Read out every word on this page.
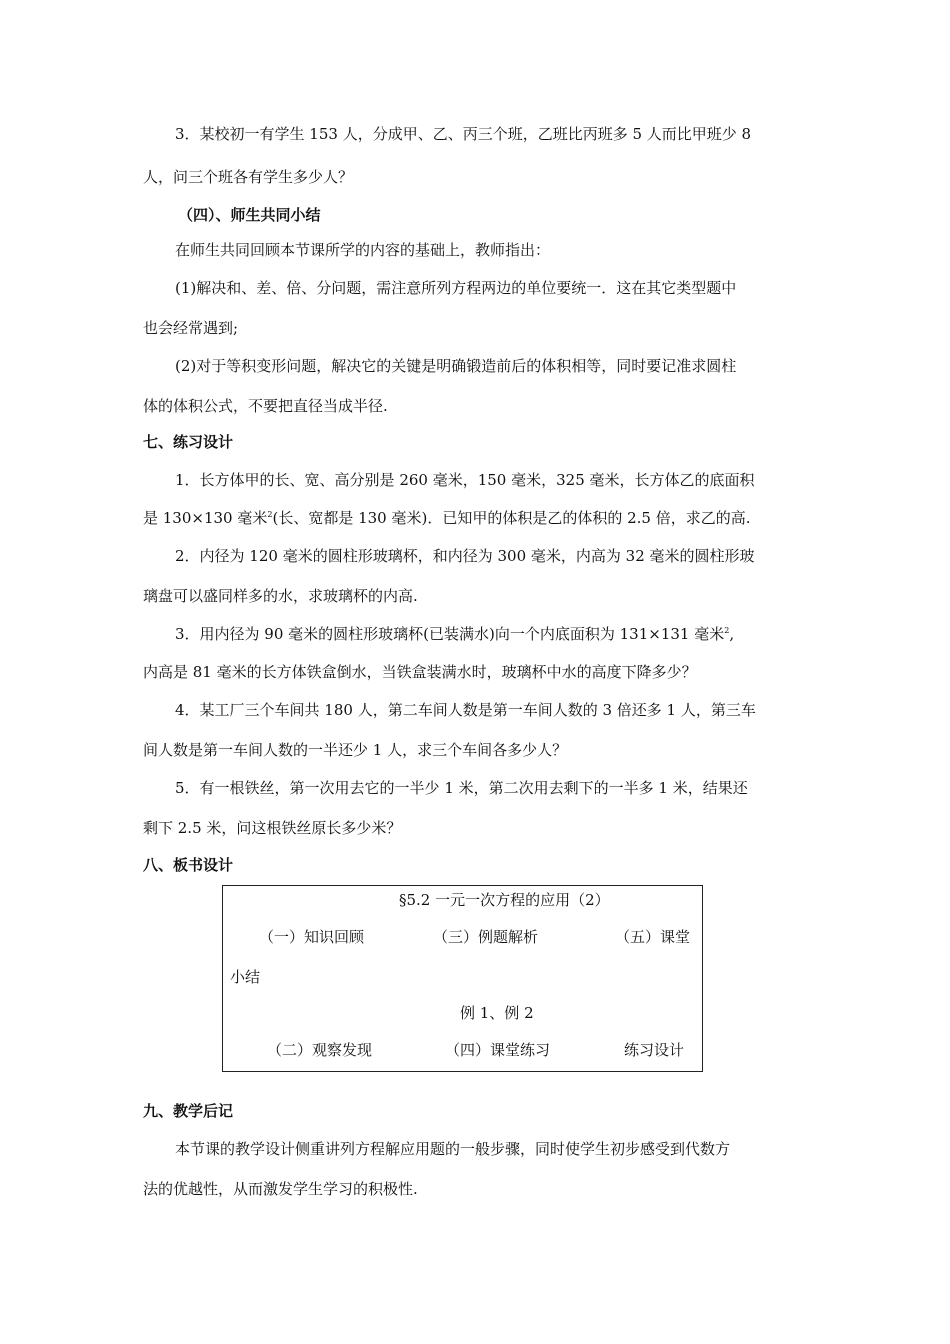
3．某校初一有学生 153 人，分成甲、乙、丙三个班，乙班比丙班多 5 人而比甲班少 8
人，问三个班各有学生多少人？
（四）、师生共同小结
在师生共同回顾本节课所学的内容的基础上，教师指出：
(1)解决和、差、倍、分问题，需注意所列方程两边的单位要统一．这在其它类型题中
也会经常遇到;
(2)对于等积变形问题，解决它的关键是明确锻造前后的体积相等，同时要记准求圆柱
体的体积公式，不要把直径当成半径.
七、练习设计
1．长方体甲的长、宽、高分别是 260 毫米，150 毫米，325 毫米，长方体乙的底面积
是 130×130 毫米$^2$(长、宽都是 130 毫米)．已知甲的体积是乙的体积的 2.5 倍，求乙的高.
2．内径为 120 毫米的圆柱形玻璃杯，和内径为 300 毫米，内高为 32 毫米的圆柱形玻
璃盘可以盛同样多的水，求玻璃杯的内高.
3．用内径为 90 毫米的圆柱形玻璃杯(已装满水)向一个内底面积为 131×131 毫米$^2$,
内高是 81 毫米的长方体铁盒倒水，当铁盒装满水时，玻璃杯中水的高度下降多少？
4．某工厂三个车间共 180 人，第二车间人数是第一车间人数的 3 倍还多 1 人，第三车
间人数是第一车间人数的一半还少 1 人，求三个车间各多少人？
5．有一根铁丝，第一次用去它的一半少 1 米，第二次用去剩下的一半多 1 米，结果还
剩下 2.5 米，问这根铁丝原长多少米？
八、板书设计
§5.2 一元一次方程的应用（2）
（一）知识回顾	（三）例题解析	（五）课堂
小结
例 1、例 2
（二）观察发现	（四）课堂练习	练习设计
九、教学后记
本节课的教学设计侧重讲列方程解应用题的一般步骤，同时使学生初步感受到代数方
法的优越性，从而激发学生学习的积极性.
